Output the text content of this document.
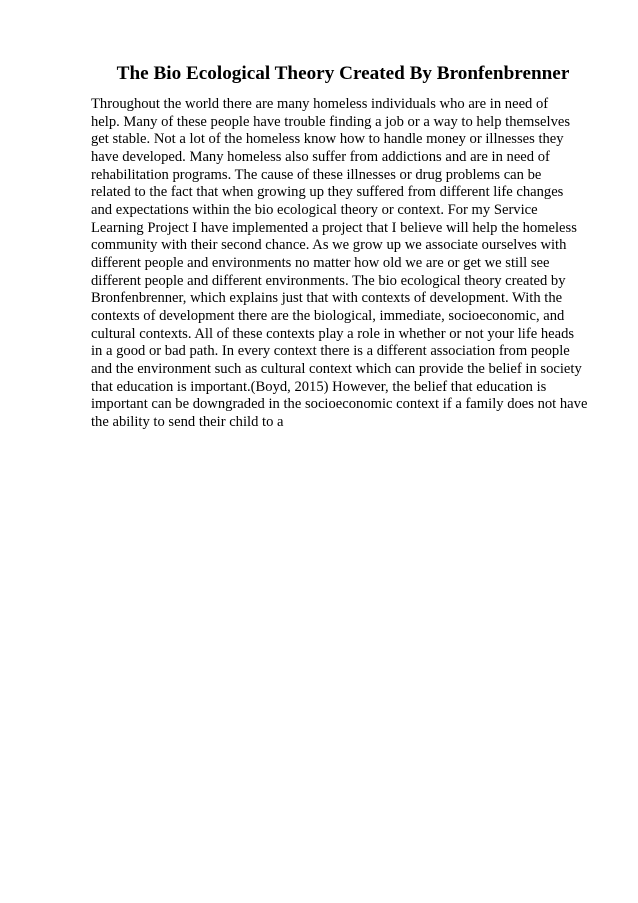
The Bio Ecological Theory Created By Bronfenbrenner
Throughout the world there are many homeless individuals who are in need of
help. Many of these people have trouble finding a job or a way to help themselves
get stable. Not a lot of the homeless know how to handle money or illnesses they
have developed. Many homeless also suffer from addictions and are in need of
rehabilitation programs. The cause of these illnesses or drug problems can be
related to the fact that when growing up they suffered from different life changes
and expectations within the bio ecological theory or context. For my Service
Learning Project I have implemented a project that I believe will help the homeless
community with their second chance. As we grow up we associate ourselves with
different people and environments no matter how old we are or get we still see
different people and different environments. The bio ecological theory created by
Bronfenbrenner, which explains just that with contexts of development. With the
contexts of development there are the biological, immediate, socioeconomic, and
cultural contexts. All of these contexts play a role in whether or not your life heads
in a good or bad path. In every context there is a different association from people
and the environment such as cultural context which can provide the belief in society
that education is important.(Boyd, 2015) However, the belief that education is
important can be downgraded in the socioeconomic context if a family does not have
the ability to send their child to a
